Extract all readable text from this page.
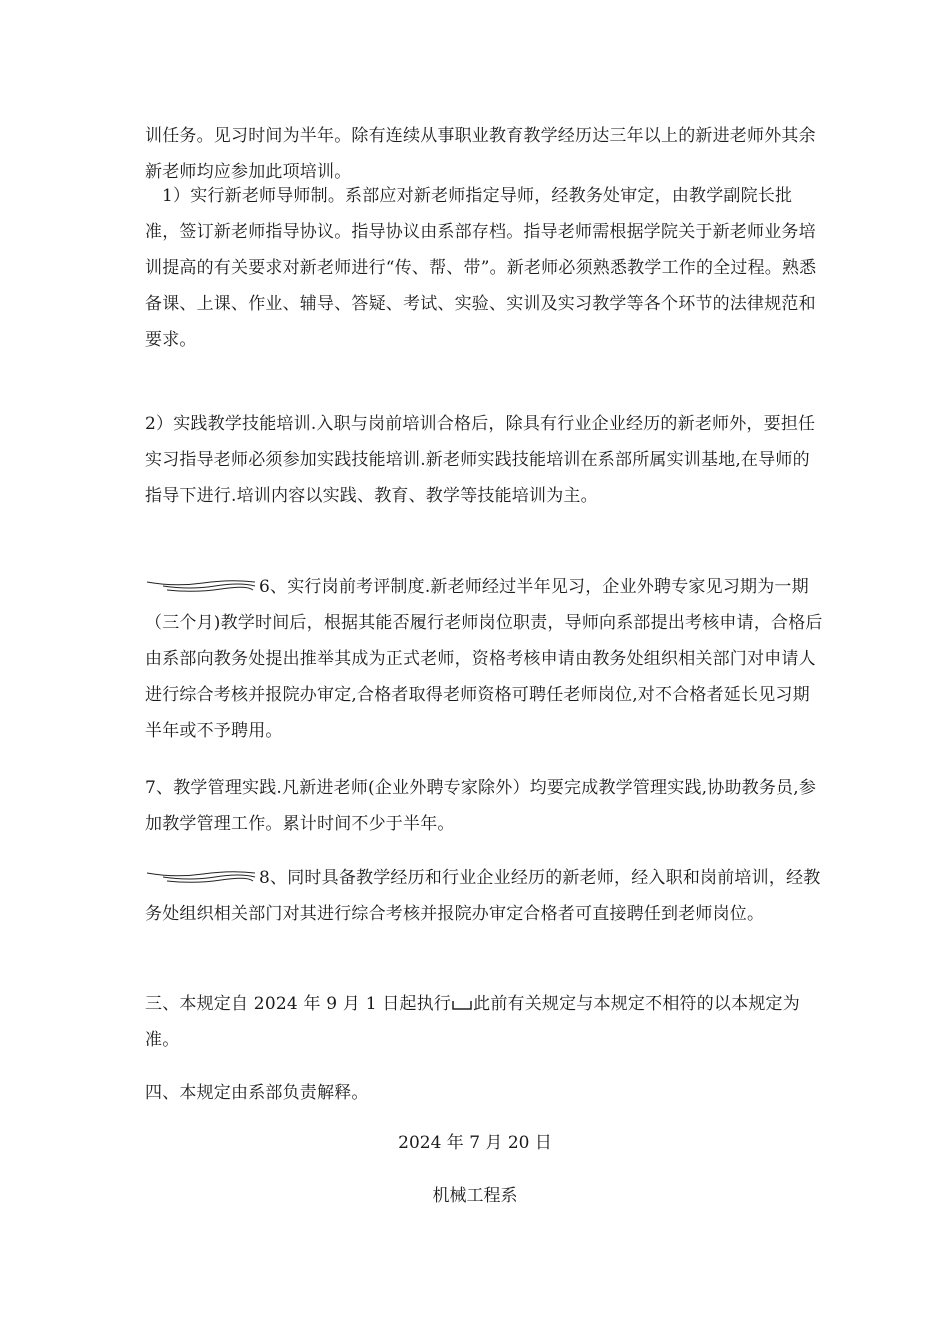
训任务。见习时间为半年。除有连续从事职业教育教学经历达三年以上的新进老师外其余新老师均应参加此项培训。

1）实行新老师导师制。系部应对新老师指定导师，经教务处审定，由教学副院长批准，签订新老师指导协议。指导协议由系部存档。指导老师需根据学院关于新老师业务培训提高的有关要求对新老师进行“传、帮、带”。新老师必须熟悉教学工作的全过程。熟悉备课、上课、作业、辅导、答疑、考试、实验、实训及实习教学等各个环节的法律规范和要求。

2）实践教学技能培训.入职与岗前培训合格后，除具有行业企业经历的新老师外，要担任实习指导老师必须参加实践技能培训.新老师实践技能培训在系部所属实训基地,在导师的指导下进行.培训内容以实践、教育、教学等技能培训为主。

6、实行岗前考评制度.新老师经过半年见习，企业外聘专家见习期为一期（三个月)教学时间后，根据其能否履行老师岗位职责，导师向系部提出考核申请，合格后由系部向教务处提出推举其成为正式老师，资格考核申请由教务处组织相关部门对申请人进行综合考核并报院办审定,合格者取得老师资格可聘任老师岗位,对不合格者延长见习期半年或不予聘用。

7、教学管理实践.凡新进老师(企业外聘专家除外）均要完成教学管理实践,协助教务员,参加教学管理工作。累计时间不少于半年。

8、同时具备教学经历和行业企业经历的新老师，经入职和岗前培训，经教务处组织相关部门对其进行综合考核并报院办审定合格者可直接聘任到老师岗位。

三、本规定自 2024 年 9 月 1 日起执行 此前有关规定与本规定不相符的以本规定为准。

四、本规定由系部负责解释。

2024 年 7 月 20 日

机械工程系
